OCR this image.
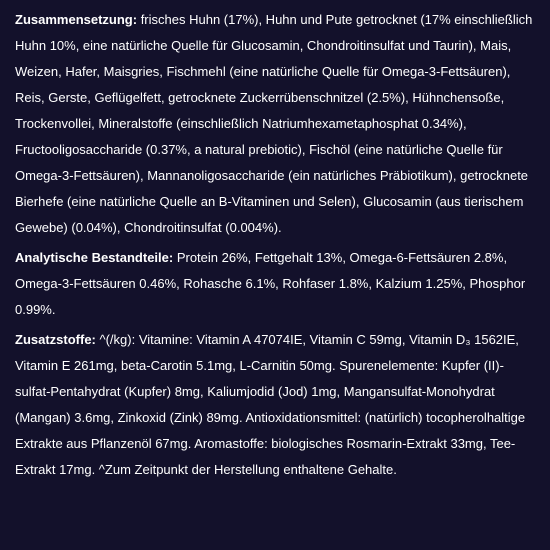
Zusammensetzung: frisches Huhn (17%), Huhn und Pute getrocknet (17% einschließlich Huhn 10%, eine natürliche Quelle für Glucosamin, Chondroitinsulfat und Taurin), Mais, Weizen, Hafer, Maisgries, Fischmehl (eine natürliche Quelle für Omega-3-Fettsäuren), Reis, Gerste, Geflügelfett, getrocknete Zuckerrübenschnitzel (2.5%), Hühnchensoße, Trockenvollei, Mineralstoffe (einschließlich Natriumhexametaphosphat 0.34%), Fructooligosaccharide (0.37%, a natural prebiotic), Fischöl (eine natürliche Quelle für Omega-3-Fettsäuren), Mannanoligosaccharide (ein natürliches Präbiotikum), getrocknete Bierhefe (eine natürliche Quelle an B-Vitaminen und Selen), Glucosamin (aus tierischem Gewebe) (0.04%), Chondroitinsulfat (0.004%).
Analytische Bestandteile: Protein 26%, Fettgehalt 13%, Omega-6-Fettsäuren 2.8%, Omega-3-Fettsäuren 0.46%, Rohasche 6.1%, Rohfaser 1.8%, Kalzium 1.25%, Phosphor 0.99%.
Zusatzstoffe: ^(/kg): Vitamine: Vitamin A 47074IE, Vitamin C 59mg, Vitamin D₃ 1562IE, Vitamin E 261mg, beta-Carotin 5.1mg, L-Carnitin 50mg. Spurenelemente: Kupfer (II)-sulfat-Pentahydrat (Kupfer) 8mg, Kaliumjodid (Jod) 1mg, Mangansulfat-Monohydrat (Mangan) 3.6mg, Zinkoxid (Zink) 89mg. Antioxidationsmittel: (natürlich) tocopherolhaltige Extrakte aus Pflanzenöl 67mg. Aromastoffe: biologisches Rosmarin-Extrakt 33mg, Tee-Extrakt 17mg. ^Zum Zeitpunkt der Herstellung enthaltene Gehalte.
